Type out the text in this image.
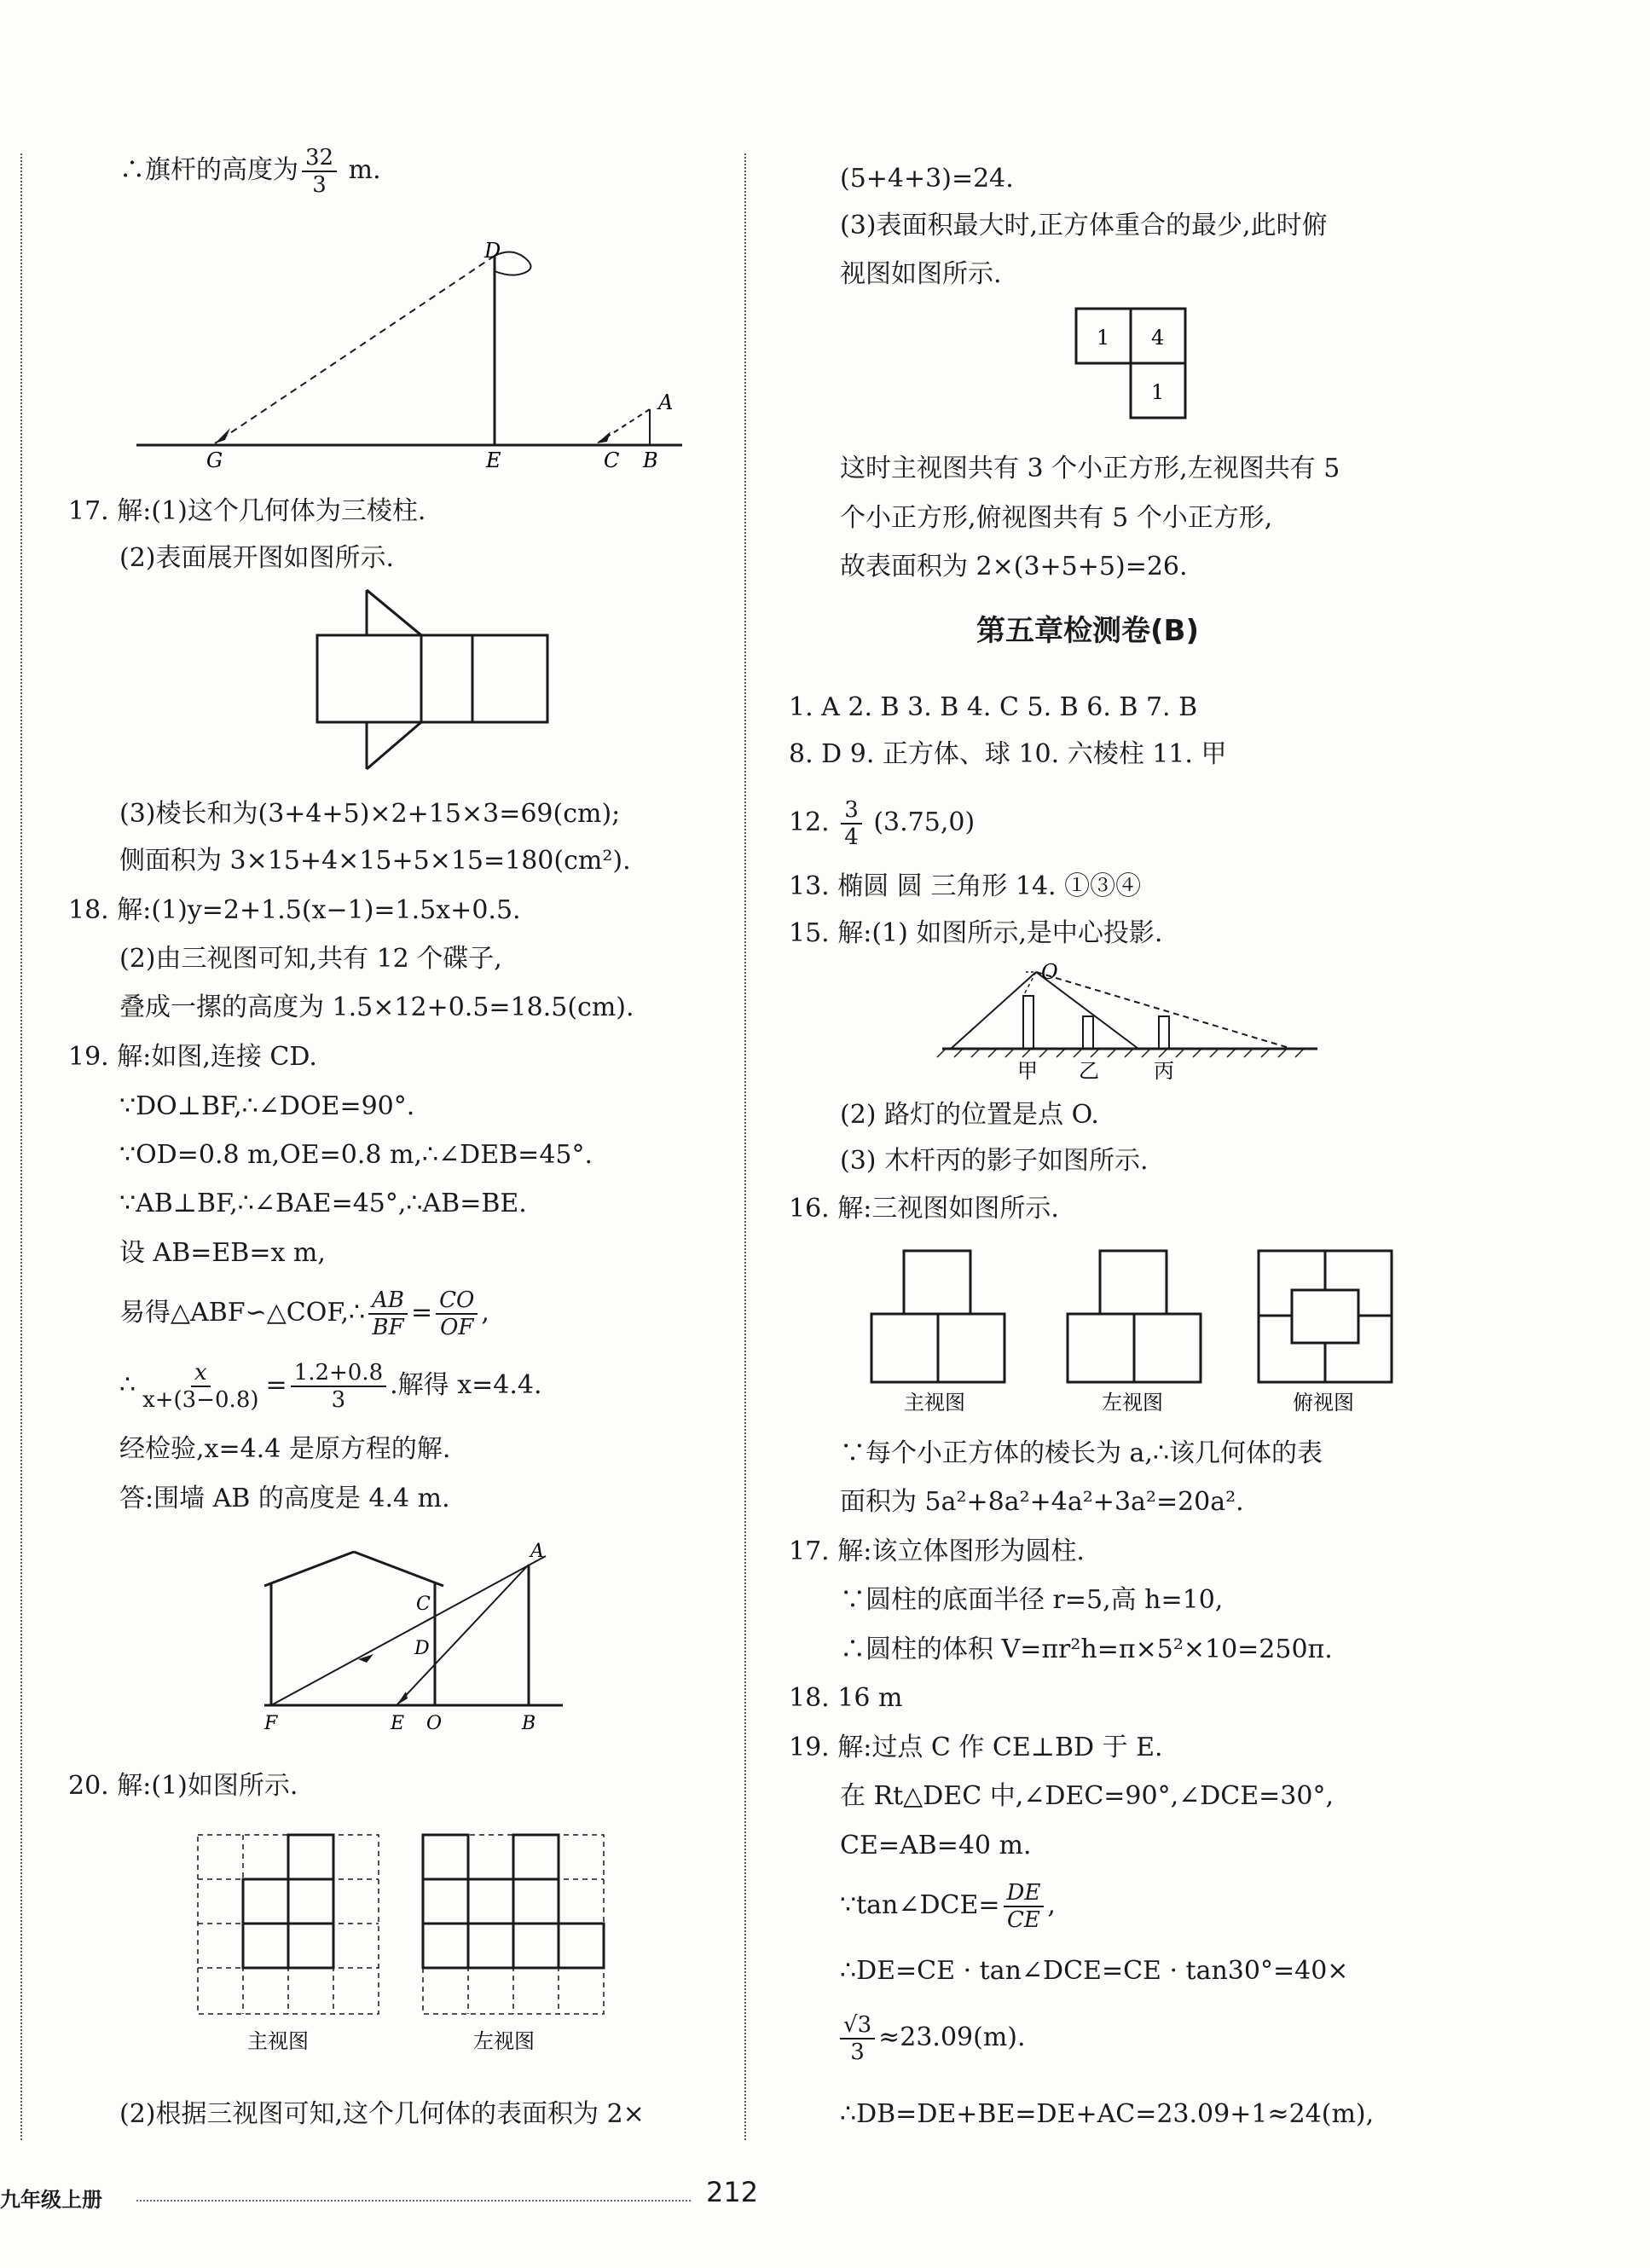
∴旗杆的高度为 $\frac{32}{3} m$.
D
A
G	E	C B
17. 解:(1)这个几何体为三棱柱.
(2)表面展开图如图所示.
(3)棱长和为(3+4+5)×2+15×3=69(cm);
侧面积为 3×15+4×15+5×15=180(cm²).
18. 解:(1)y=2+1.5(x−1)=1.5x+0.5.
(2)由三视图可知,共有 12 个碟子,
叠成一摞的高度为 1.5×12+0.5=18.5(cm).
19. 解:如图,连接 CD.
∵DO⊥BF,∴∠DOE=90°.
∵OD=0.8 m,OE=0.8 m,∴∠DEB=45°.
∵AB⊥BF,∴∠BAE=45°,∴AB=BE.
设 AB=EB=x m,
易得△ABF∽△COF,∴ $\frac{AB}{BF} = \frac{CO}{OF}$ ,
∴ $\frac{x}{x+(3-0.8)} = \frac{1.2+0.8}{3}$ .解得 x=4.4.
经检验,x=4.4 是原方程的解.
答:围墙 AB 的高度是 4.4 m.
A
C
D
F	E O	B
20. 解:(1)如图所示.
主视图	左视图
(2)根据三视图可知,这个几何体的表面积为 2×
(5+4+3)=24.
(3)表面积最大时,正方体重合的最少,此时俯
视图如图所示.
1 4
1
这时主视图共有 3 个小正方形,左视图共有 5
个小正方形,俯视图共有 5 个小正方形,
故表面积为 2×(3+5+5)=26.
第五章检测卷(B)
1. A 2. B 3. B 4. C 5. B 6. B 7. B
8. D 9. 正方体、球 10. 六棱柱 11. 甲
12. $\frac{3}{4} (3.75,0)$
13. 椭圆 圆 三角形 14. ①③④
15. 解:(1) 如图所示,是中心投影.
O
甲 乙	丙
(2) 路灯的位置是点 O.
(3) 木杆丙的影子如图所示.
16. 解:三视图如图所示.
主视图	左视图	俯视图
∵每个小正方体的棱长为 a,∴该几何体的表
面积为 5a²+8a²+4a²+3a²=20a².
17. 解:该立体图形为圆柱.
∵圆柱的底面半径 r=5,高 h=10,
∴圆柱的体积 V=πr²h=π×5²×10=250π.
18. 16 m
19. 解:过点 C 作 CE⊥BD 于 E.
在 Rt△DEC 中,∠DEC=90°,∠DCE=30°,
CE=AB=40 m.
∵tan∠DCE= $\frac{DE}{CE}$ ,
∴DE=CE · tan∠DCE=CE · tan30°=40×
$\frac{√3}{3} \approx 23.09(m)$.
∴DB=DE+BE=DE+AC=23.09+1≈24(m),
九年级上册	212
